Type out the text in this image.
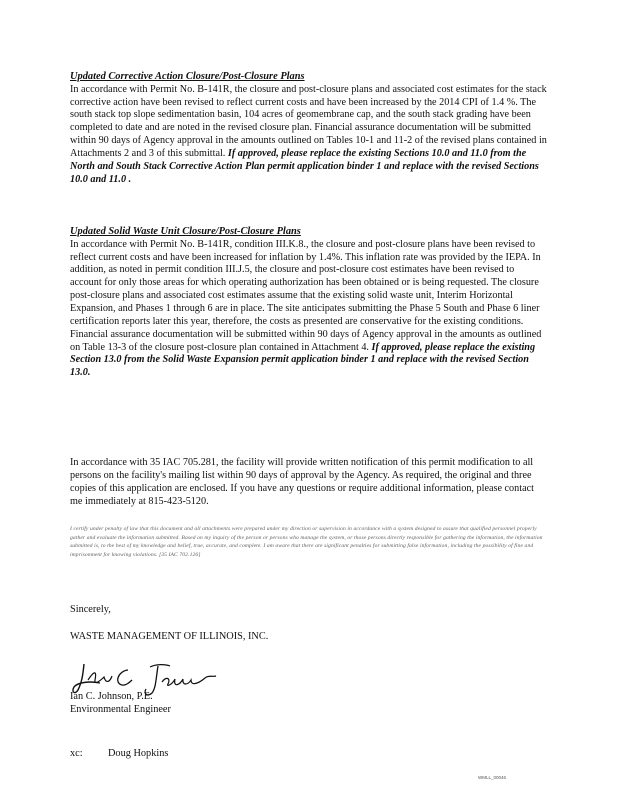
Updated Corrective Action Closure/Post-Closure Plans
In accordance with Permit No. B-141R, the closure and post-closure plans and associated cost estimates for the stack corrective action have been revised to reflect current costs and have been increased by the 2014 CPI of 1.4 %. The south stack top slope sedimentation basin, 104 acres of geomembrane cap, and the south stack grading have been completed to date and are noted in the revised closure plan. Financial assurance documentation will be submitted within 90 days of Agency approval in the amounts outlined on Tables 10-1 and 11-2 of the revised plans contained in Attachments 2 and 3 of this submittal. If approved, please replace the existing Sections 10.0 and 11.0 from the North and South Stack Corrective Action Plan permit application binder 1 and replace with the revised Sections 10.0 and 11.0 .
Updated Solid Waste Unit Closure/Post-Closure Plans
In accordance with Permit No. B-141R, condition III.K.8., the closure and post-closure plans have been revised to reflect current costs and have been increased for inflation by 1.4%. This inflation rate was provided by the IEPA. In addition, as noted in permit condition III.J.5, the closure and post-closure cost estimates have been revised to account for only those areas for which operating authorization has been obtained or is being requested. The closure post-closure plans and associated cost estimates assume that the existing solid waste unit, Interim Horizontal Expansion, and Phases 1 through 6 are in place. The site anticipates submitting the Phase 5 South and Phase 6 liner certification reports later this year, therefore, the costs as presented are conservative for the existing conditions. Financial assurance documentation will be submitted within 90 days of Agency approval in the amounts as outlined on Table 13-3 of the closure post-closure plan contained in Attachment 4. If approved, please replace the existing Section 13.0 from the Solid Waste Expansion permit application binder 1 and replace with the revised Section 13.0.
In accordance with 35 IAC 705.281, the facility will provide written notification of this permit modification to all persons on the facility's mailing list within 90 days of approval by the Agency. As required, the original and three copies of this application are enclosed. If you have any questions or require additional information, please contact me immediately at 815-423-5120.
I certify under penalty of law that this document and all attachments were prepared under my direction or supervision in accordance with a system designed to assure that qualified personnel properly gather and evaluate the information submitted. Based on my inquiry of the person or persons who manage the system, or those persons directly responsible for gathering the information, the information submitted is, to the best of my knowledge and belief, true, accurate, and complete. I am aware that there are significant penalties for submitting false information, including the possibility of fine and imprisonment for knowing violations. [35 IAC 702.126]
Sincerely,
WASTE MANAGEMENT OF ILLINOIS, INC.
Ian C. Johnson, P.E.
Environmental Engineer
xc: Doug Hopkins
WMLL_00046
